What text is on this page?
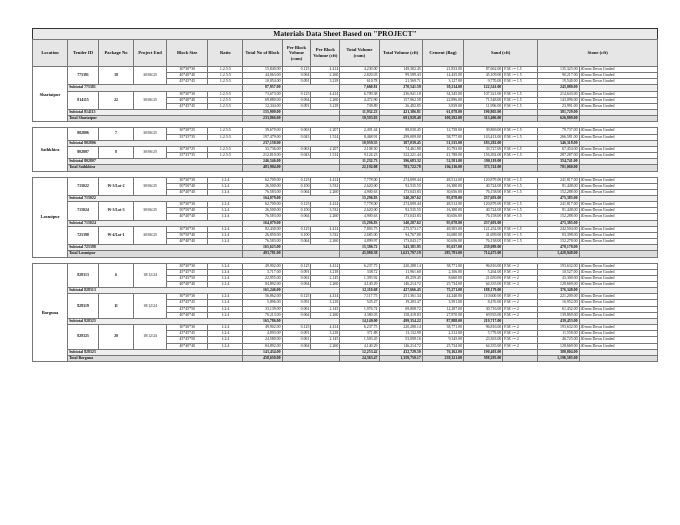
Materials Data Sheet Based on "PROJECT"
Location	Tender ID	Package No	Project End	Block Size	Ratio	Total No of Block	Per Block Volume (cum)	Per Block Volume (cft)	Total Volume (cum)	Total Volume (cft)	Cement (Bag)	Sand (cft)		Stone (cft)	
Shariatpur	775381	18	30/06/25	30*30*30	1:2.5:5	15,840.00	0.125	4.414	4,230.00	149,382.45	21,833.00	87,662.00	F.M >= 1.5	135,325.00	40 mm Down Graded
				40*40*40	1:2.5:5	44,063.00	0.064	2.260	2,820.03	99,589.43	14,435.00	45,109.00	F.M >= 1.5	90,217.00	40 mm Down Graded
				45*45*45	1:2.5:5	10,054.00	0.091	3.218	610.78	21,569.71	3,127.00	9,770.00	F.M >= 1.5	19,540.00	40 mm Down Graded
	Subtotal 775381					87,957.00			7,660.81	270,541.59	39,214.00	122,541.00		245,080.00	
	814115	22	30/06/25	30*30*30	1:2.5:5	73,673.00	0.125	4.414	6,709.38	236,941.18	34,345.00	107,321.00	F.M >= 1.5	214,643.00	40 mm Down Graded
				40*40*40	1:2.5:5	69,880.00	0.064	2.260	4,472.96	157,962.58	22,896.00	71,548.00	F.M >= 1.5	143,096.00	40 mm Down Graded
				45*45*45	1:2.5:5	12,344.00	0.091	3.218	749.89	26,482.85	3,839.00	11,996.00	F.M >= 1.5	23,991.00	40 mm Down Graded
	Subtotal 814115					155,909.00			11,932.23	421,386.81	61,078.00	190,865.00		381,729.00	
	Total Shariatpur					233,866.00			19,593.03	691,928.40	100,292.00	313,406.00		626,809.00	

Sathkhira	802806	7	30/06/25	30*30*25	1:2.5:5	39,679.00	0.063	2.207	2,491.44	88,030.45	12,758.00	39,869.00	F.M >= 1.5	79,737.00	40 mm Down Graded
				35*35*35	1:2.5:5	197,479.00	0.043	1.514	8,468.91	299,009.00	58,777.00	143,413.00	F.M >= 1.5	266,581.00	40 mm Down Graded
	Subtotal 802806					237,158.00			10,959.35	387,039.45	51,535.00	183,282.00		346,318.00	
	802807	8	30/06/25	30*30*25	1:2.5:5	33,736.00	0.063	2.207	2,108.50	74,461.88	10,793.00	33,727.00	F.M >= 1.5	67,454.00	40 mm Down Graded
				35*35*35	1:2.5:5	212,810.00	0.043	1.514	9,124.23	322,221.44	41,788.00	156,392.00	F.M >= 1.5	287,287.00	40 mm Down Graded
	Subtotal 802807					246,546.00			11,232.73	396,683.32	52,581.00	190,119.00		354,741.00	
	Total Sathkhira					483,904.00			22,192.08	783,722.78	104,116.00	373,741.00		701,060.00	

Laxmipur	715022	W-3/Lot-2	30/06/25	30*30*30	1:2:4	62,709.00	0.125	4.414	7,778.00	274,699.44	48,512.00	120,879.00	F.M >= 1.5	241,817.00	40 mm Down Graded
				50*50*40	1:2:4	26,500.00	0.100	3.532	2,620.00	92,535.55	16,380.00	40,724.00	F.M >= 1.5	81,448.00	40 mm Down Graded
				40*40*40	1:2:4	76,583.00	0.064	2.260	4,900.63	173,043.83	30,656.00	76,158.00	F.M >= 1.5	152,288.00	40 mm Down Graded
	Subtotal 715022					164,079.00			15,296.83	540,207.62	95,078.00	237,693.00		475,385.00	
	715024	W-3/Lot-3	30/06/25	30*30*30	1:2:4	62,709.00	0.125	4.414	7,778.00	274,699.44	48,512.00	120,879.00	F.M >= 1.5	241,817.00	40 mm Down Graded
				50*50*40	1:2:4	26,500.00	0.100	3.532	2,620.00	92,535.55	16,380.00	40,724.00	F.M >= 1.5	81,448.00	40 mm Down Graded
				40*40*40	1:2:4	76,583.00	0.064	2.260	4,900.63	173,043.83	30,656.00	76,158.00	F.M >= 1.5	152,288.00	40 mm Down Graded
	Subtotal 715024					164,079.00			15,296.83	540,207.62	95,078.00	237,693.00		475,385.00	
	725398	W-4/Lot-1	30/06/25	30*30*30	1:2:4	82,430.00	0.125	4.414	7,803.75	275,573.17	48,505.00	121,252.00	F.M >= 1.5	242,504.00	40 mm Down Graded
				50*50*40	1:2:4	26,850.00	0.100	3.532	2,685.00	94,767.80	16,680.00	41,699.00	F.M >= 1.5	83,398.00	40 mm Down Graded
				40*40*40	1:2:4	76,583.00	0.064	2.260	4,899.97	173,043.17	30,656.00	76,138.00	F.M >= 1.5	152,278.00	40 mm Down Graded
	Subtotal 725398					165,623.00			15,386.72	543,381.95	95,637.00	239,089.00		478,178.00	
	Total Laxmipur					493,781.00			45,980.38	1,623,797.19	285,793.00	714,475.00		1,428,948.00	

Borguna	828313	6	18/12/24	30*30*30	1:2:4	49,902.00	0.125	4.414	6,237.75	220,288.14	38,771.00	96,816.00	F.M >= 2	193,632.00	40 mm Down Graded
				45*45*45	1:2:4	3,717.00	0.091	3.218	338.72	11,961.60	2,106.00	5,264.00	F.M >= 2	10,527.00	40 mm Down Graded
				45*45*50	1:2:4	22,955.00	0.061	2.145	1,393.92	49,259.45	8,660.00	21,650.00	F.M >= 2	43,300.00	40 mm Down Graded
				40*40*40	1:2:4	84,892.00	0.064	2.260	4,140.29	146,214.72	25,734.00	64,335.00	F.M >= 2	128,669.00	40 mm Down Graded
	Subtotal 828313					161,246.00			12,110.68	427,666.45	75,271.00	188,179.00		376,348.00	
	828319	11	18/12/24	30*30*30	1:2:4	56,862.00	0.125	4.414	7,117.75	251,361.34	44,240.00	110,600.00	F.M >= 2	221,200.00	40 mm Down Graded
				45*45*45	1:2:4	5,896.00	0.091	3.218	545.47	19,283.47	3,591.00	8,476.00	F.M >= 2	16,952.00	40 mm Down Graded
				45*45*50	1:2:4	33,139.00	0.061	2.145	1,976.74	69,808.72	12,287.00	30,716.00	F.M >= 2	61,432.00	40 mm Down Graded
				40*40*40	1:2:4	70,213.00	0.064	2.260	4,380.03	158,418.83	27,870.00	69,935.00	F.M >= 2	139,869.00	40 mm Down Graded
	Subtotal 828325					165,786.00			14,140.00	499,354.22	87,888.00	219,717.00		439,453.00	
	828325	20	18/12/24	30*30*30	1:2:4	49,902.00	0.125	4.414	6,237.75	220,288.14	38,771.00	96,816.00	F.M >= 2	193,632.00	40 mm Down Graded
				45*45*45	1:2:4	4,093.00	0.091	3.218	371.88	13,132.99	2,312.00	5,779.00	F.M >= 2	11,558.00	40 mm Down Graded
				45*45*50	1:2:4	24,580.00	0.061	2.145	1,503.45	53,098.16	9,345.00	23,363.00	F.M >= 2	46,725.00	40 mm Down Graded
				40*40*40	1:2:4	84,892.00	0.064	2.260	4,140.29	146,214.72	25,734.00	64,335.00	F.M >= 2	128,669.00	40 mm Down Graded
	Subtotal 828325					143,434.00			12,253.42	432,729.50	76,162.00	190,403.00		380,804.00	
	Total Borguna					458,650.00			24,363.47	1,359,750.17	239,321.00	598,295.00		1,196,585.00	
